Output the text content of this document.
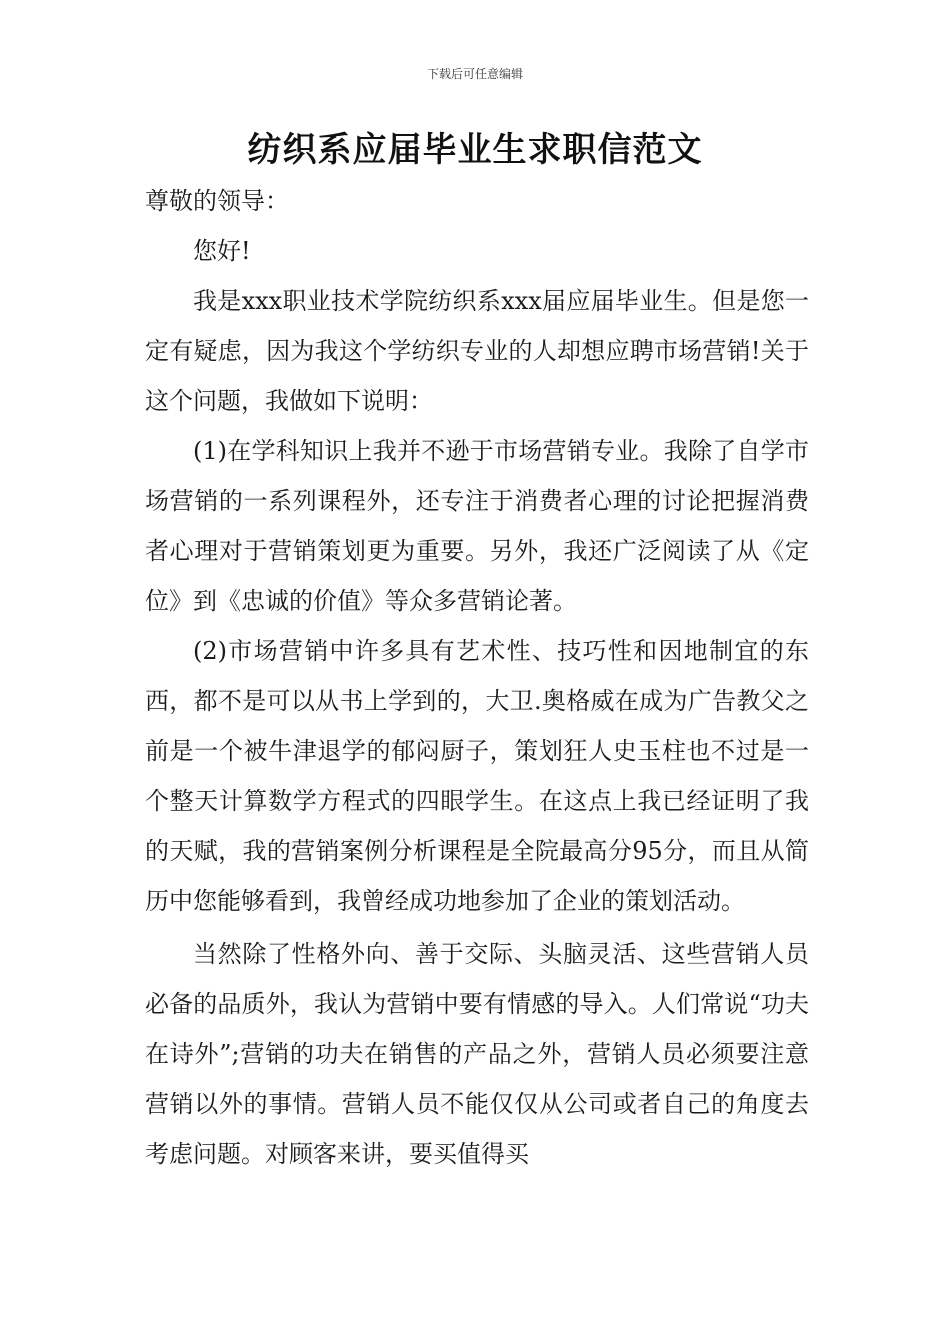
下载后可任意编辑
纺织系应届毕业生求职信范文

尊敬的领导：

您好!

我是xxx职业技术学院纺织系xxx届应届毕业生。但是您一定有疑虑，因为我这个学纺织专业的人却想应聘市场营销!关于这个问题，我做如下说明：

(1)在学科知识上我并不逊于市场营销专业。我除了自学市场营销的一系列课程外，还专注于消费者心理的讨论把握消费者心理对于营销策划更为重要。另外，我还广泛阅读了从《定位》到《忠诚的价值》等众多营销论著。

(2)市场营销中许多具有艺术性、技巧性和因地制宜的东西，都不是可以从书上学到的，大卫.奥格威在成为广告教父之前是一个被牛津退学的郁闷厨子，策划狂人史玉柱也不过是一个整天计算数学方程式的四眼学生。在这点上我已经证明了我的天赋，我的营销案例分析课程是全院最高分95分，而且从简历中您能够看到，我曾经成功地参加了企业的策划活动。

当然除了性格外向、善于交际、头脑灵活、这些营销人员必备的品质外，我认为营销中要有情感的导入。人们常说“功夫在诗外”;营销的功夫在销售的产品之外，营销人员必须要注意营销以外的事情。营销人员不能仅仅从公司或者自己的角度去考虑问题。对顾客来讲，要买值得买
